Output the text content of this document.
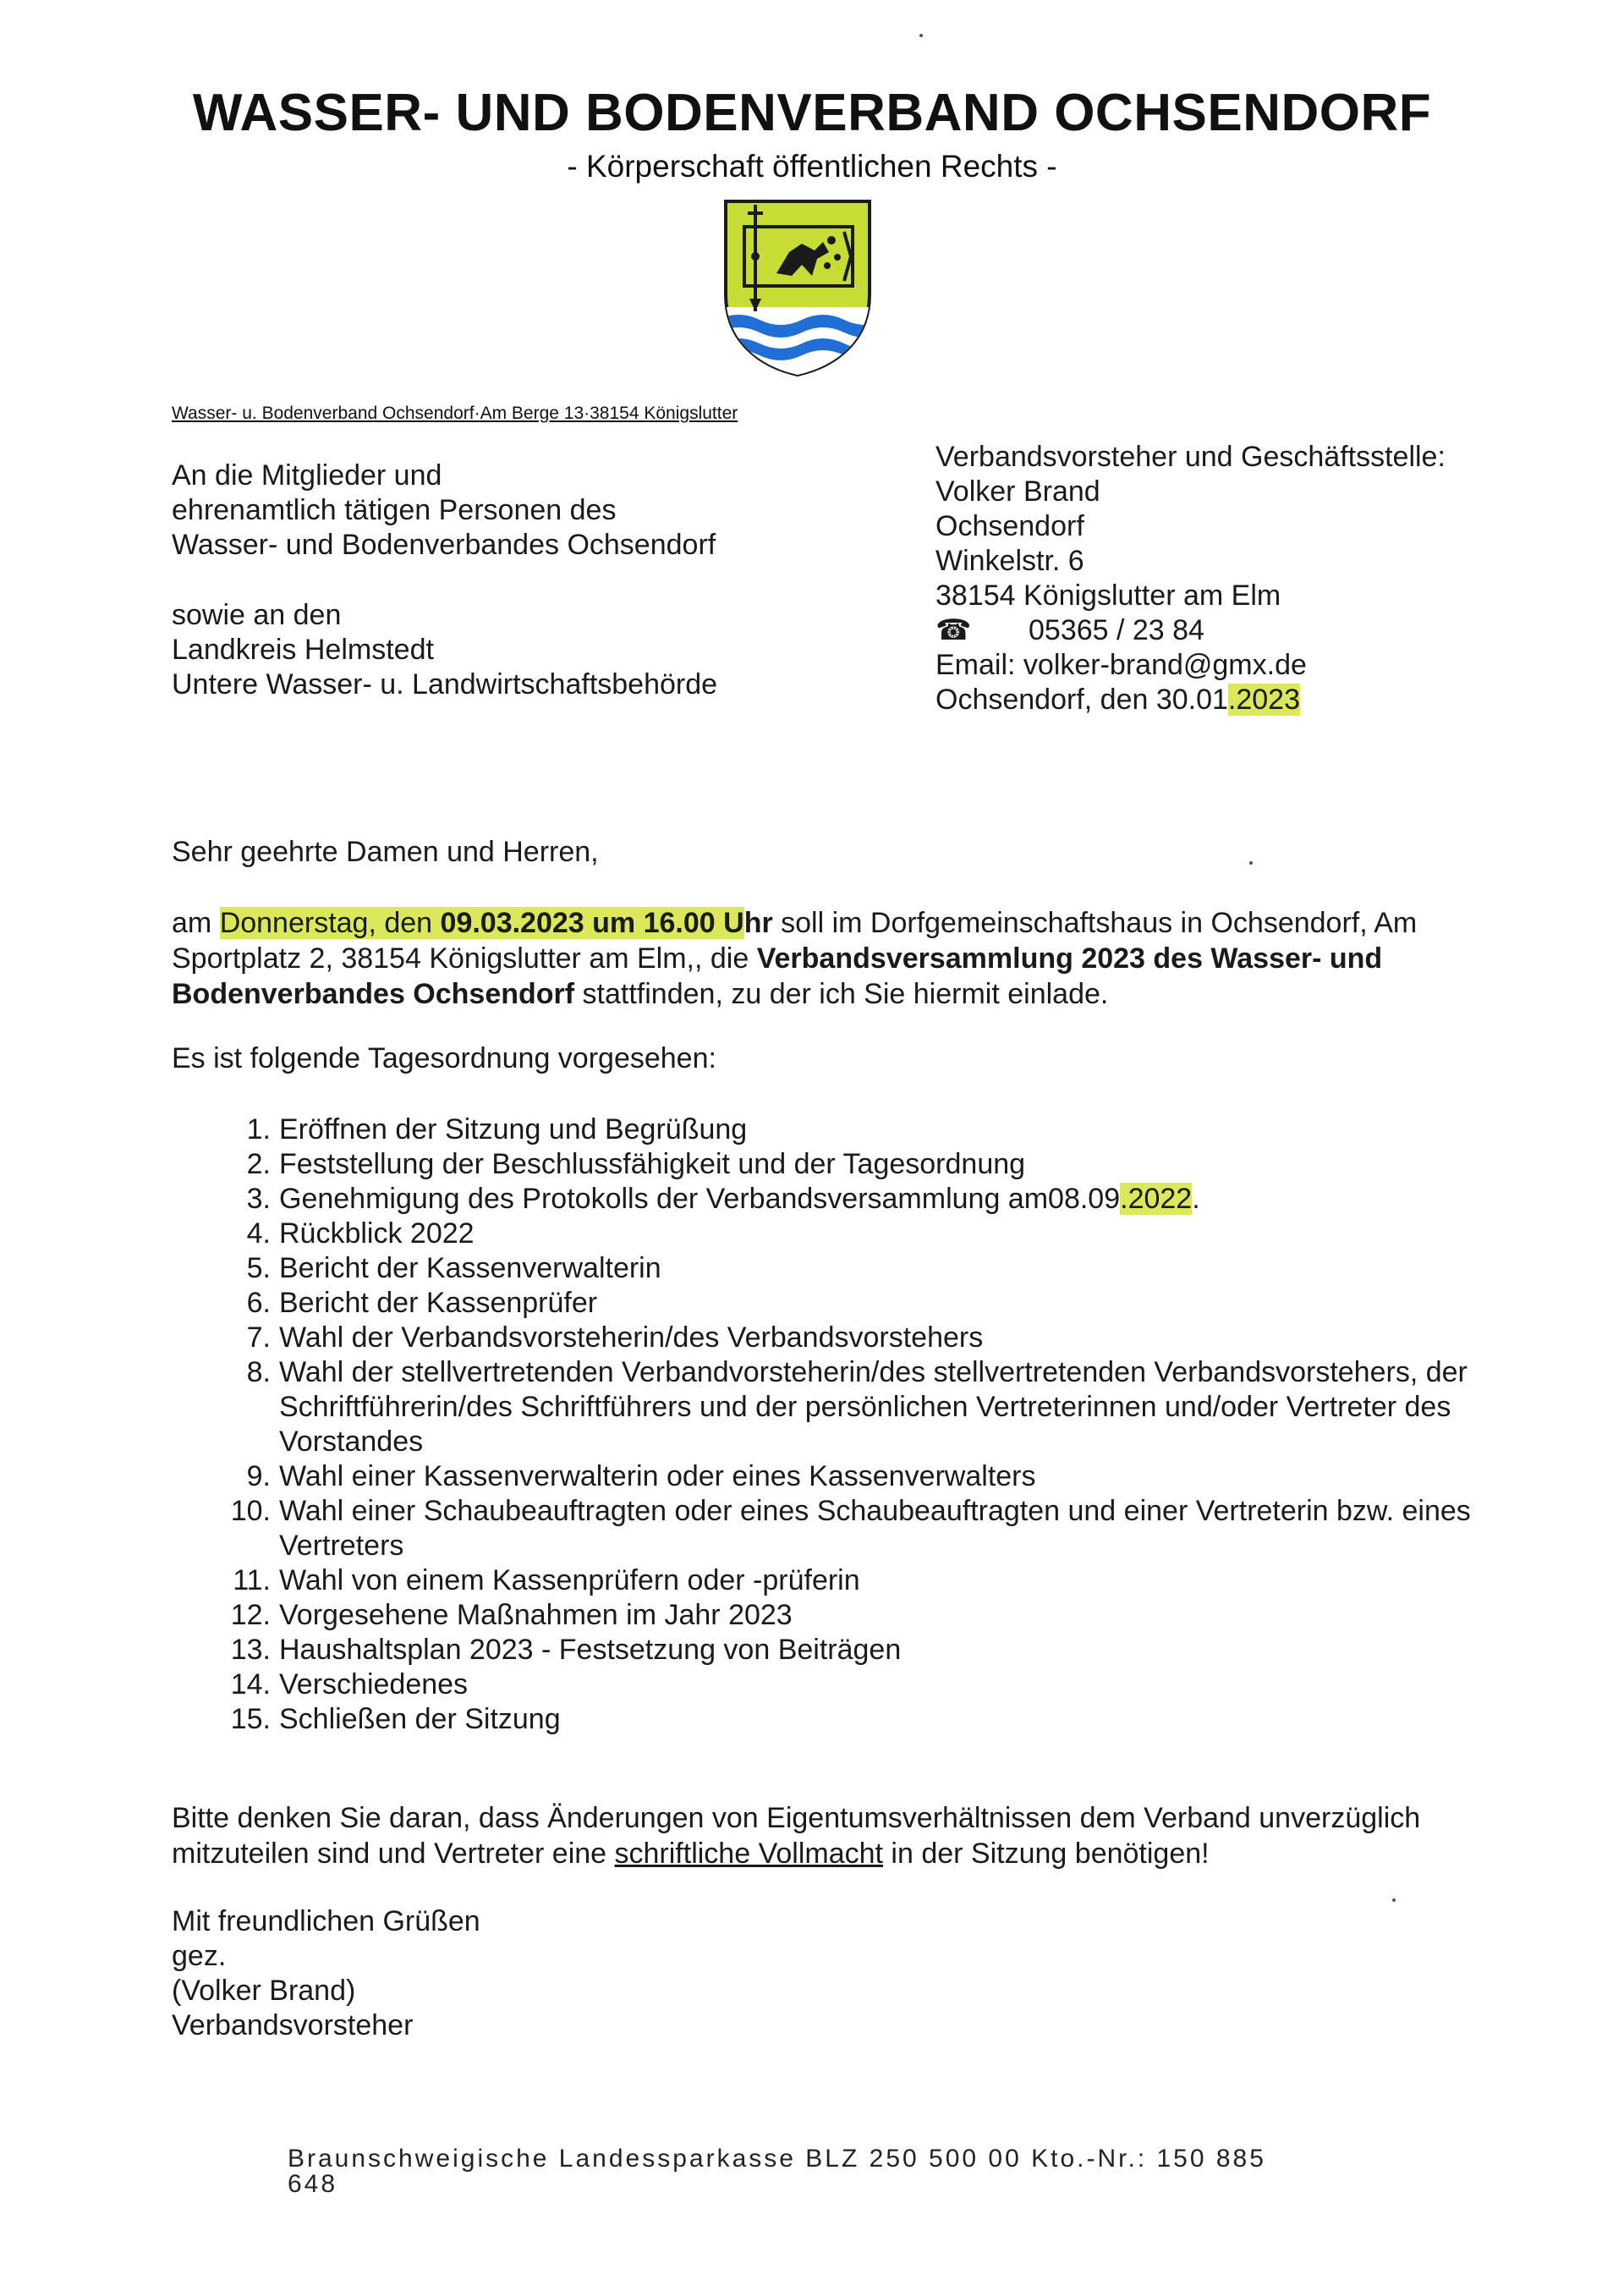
WASSER- UND BODENVERBAND OCHSENDORF
- Körperschaft öffentlichen Rechts -
Wasser- u. Bodenverband Ochsendorf·Am Berge 13·38154 Königslutter
An die Mitglieder und
ehrenamtlich tätigen Personen des
Wasser- und Bodenverbandes Ochsendorf
sowie an den
Landkreis Helmstedt
Untere Wasser- u. Landwirtschaftsbehörde
Verbandsvorsteher und Geschäftsstelle:
Volker Brand
Ochsendorf
Winkelstr. 6
38154 Königslutter am Elm
☎ 05365 / 23 84
Email: volker-brand@gmx.de
Ochsendorf, den 30.01.2023
Sehr geehrte Damen und Herren,
am Donnerstag, den 09.03.2023 um 16.00 Uhr soll im Dorfgemeinschaftshaus in Ochsendorf, Am Sportplatz 2, 38154 Königslutter am Elm,, die Verbandsversammlung 2023 des Wasser- und Bodenverbandes Ochsendorf stattfinden, zu der ich Sie hiermit einlade.
Es ist folgende Tagesordnung vorgesehen:
1. Eröffnen der Sitzung und Begrüßung
2. Feststellung der Beschlussfähigkeit und der Tagesordnung
3. Genehmigung des Protokolls der Verbandsversammlung am08.09.2022.
4. Rückblick 2022
5. Bericht der Kassenverwalterin
6. Bericht der Kassenprüfer
7. Wahl der Verbandsvorsteherin/des Verbandsvorstehers
8. Wahl der stellvertretenden Verbandvorsteherin/des stellvertretenden Verbandsvorstehers, der Schriftführerin/des Schriftführers und der persönlichen Vertreterinnen und/oder Vertreter des Vorstandes
9. Wahl einer Kassenverwalterin oder eines Kassenverwalters
10. Wahl einer Schaubeauftragten oder eines Schaubeauftragten und einer Vertreterin bzw. eines Vertreters
11. Wahl von einem Kassenprüfern oder -prüferin
12. Vorgesehene Maßnahmen im Jahr 2023
13. Haushaltsplan 2023 - Festsetzung von Beiträgen
14. Verschiedenes
15. Schließen der Sitzung
Bitte denken Sie daran, dass Änderungen von Eigentumsverhältnissen dem Verband unverzüglich mitzuteilen sind und Vertreter eine schriftliche Vollmacht in der Sitzung benötigen!
Mit freundlichen Grüßen
gez.
(Volker Brand)
Verbandsvorsteher
Braunschweigische Landessparkasse BLZ 250 500 00 Kto.-Nr.: 150 885 648
